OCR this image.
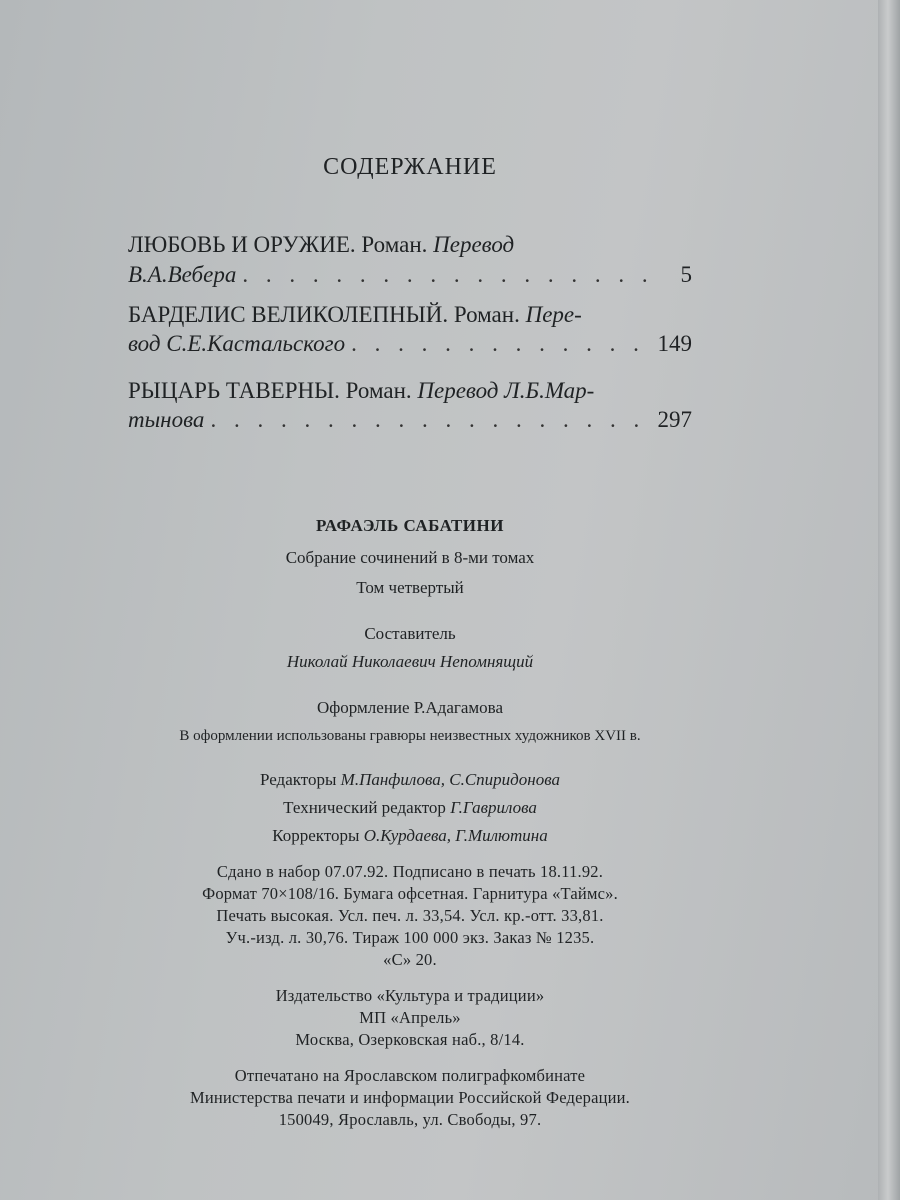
СОДЕРЖАНИЕ
ЛЮБОВЬ И ОРУЖИЕ. Роман. Перевод
В.А.Вебера . . .	5
БАРДЕЛИС ВЕЛИКОЛЕПНЫЙ. Роман. Пере-
вод С.Е.Кастальского . . .	149
РЫЦАРЬ ТАВЕРНЫ. Роман. Перевод Л.Б.Мар-
тынова . . .	297
РАФАЭЛЬ САБАТИНИ
Собрание сочинений в 8-ми томах
Том четвертый
Составитель
Николай Николаевич Непомнящий
Оформление Р.Адагамова
В оформлении использованы гравюры неизвестных художников XVII в.
Редакторы М.Панфилова, С.Спиридонова
Технический редактор Г.Гаврилова
Корректоры О.Курдаева, Г.Милютина
Сдано в набор 07.07.92. Подписано в печать 18.11.92.
Формат 70×108/16. Бумага офсетная. Гарнитура «Таймс».
Печать высокая. Усл. печ. л. 33,54. Усл. кр.-отт. 33,81.
Уч.-изд. л. 30,76. Тираж 100 000 экз. Заказ № 1235.
«С» 20.
Издательство «Культура и традиции»
МП «Апрель»
Москва, Озерковская наб., 8/14.
Отпечатано на Ярославском полиграфкомбинате
Министерства печати и информации Российской Федерации.
150049, Ярославль, ул. Свободы, 97.
